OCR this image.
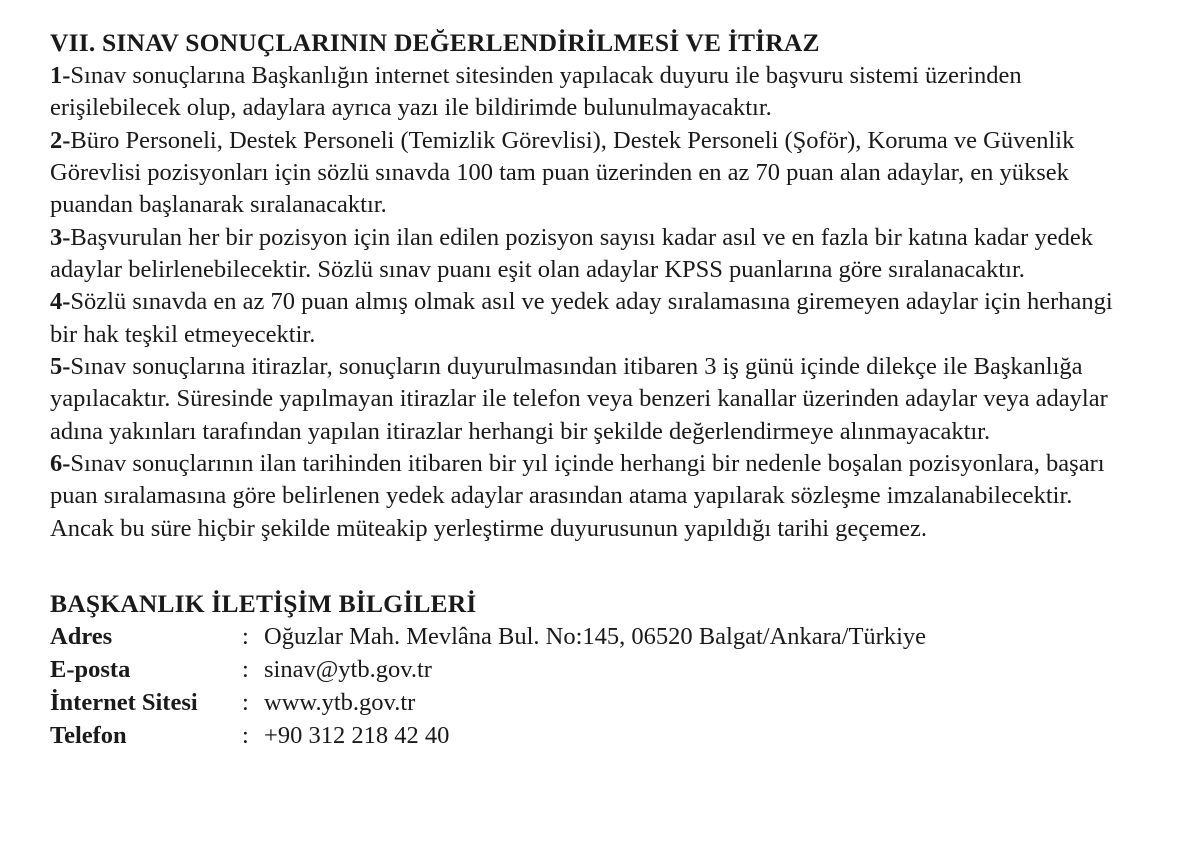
VII. SINAV SONUÇLARININ DEĞERLENDİRİLMESİ VE İTİRAZ

1-Sınav sonuçlarına Başkanlığın internet sitesinden yapılacak duyuru ile başvuru sistemi üzerinden erişilebilecek olup, adaylara ayrıca yazı ile bildirimde bulunulmayacaktır.

2-Büro Personeli, Destek Personeli (Temizlik Görevlisi), Destek Personeli (Şoför), Koruma ve Güvenlik Görevlisi pozisyonları için sözlü sınavda 100 tam puan üzerinden en az 70 puan alan adaylar, en yüksek puandan başlanarak sıralanacaktır.

3-Başvurulan her bir pozisyon için ilan edilen pozisyon sayısı kadar asıl ve en fazla bir katına kadar yedek adaylar belirlenebilecektir. Sözlü sınav puanı eşit olan adaylar KPSS puanlarına göre sıralanacaktır.

4-Sözlü sınavda en az 70 puan almış olmak asıl ve yedek aday sıralamasına giremeyen adaylar için herhangi bir hak teşkil etmeyecektir.

5-Sınav sonuçlarına itirazlar, sonuçların duyurulmasından itibaren 3 iş günü içinde dilekçe ile Başkanlığa yapılacaktır. Süresinde yapılmayan itirazlar ile telefon veya benzeri kanallar üzerinden adaylar veya adaylar adına yakınları tarafından yapılan itirazlar herhangi bir şekilde değerlendirmeye alınmayacaktır.

6-Sınav sonuçlarının ilan tarihinden itibaren bir yıl içinde herhangi bir nedenle boşalan pozisyonlara, başarı puan sıralamasına göre belirlenen yedek adaylar arasından atama yapılarak sözleşme imzalanabilecektir. Ancak bu süre hiçbir şekilde müteakip yerleştirme duyurusunun yapıldığı tarihi geçemez.

BAŞKANLIK İLETİŞİM BİLGİLERİ
Adres	:	Oğuzlar Mah. Mevlâna Bul. No:145, 06520 Balgat/Ankara/Türkiye
E-posta	:	sinav@ytb.gov.tr
İnternet Sitesi	:	www.ytb.gov.tr
Telefon	:	+90 312 218 42 40
